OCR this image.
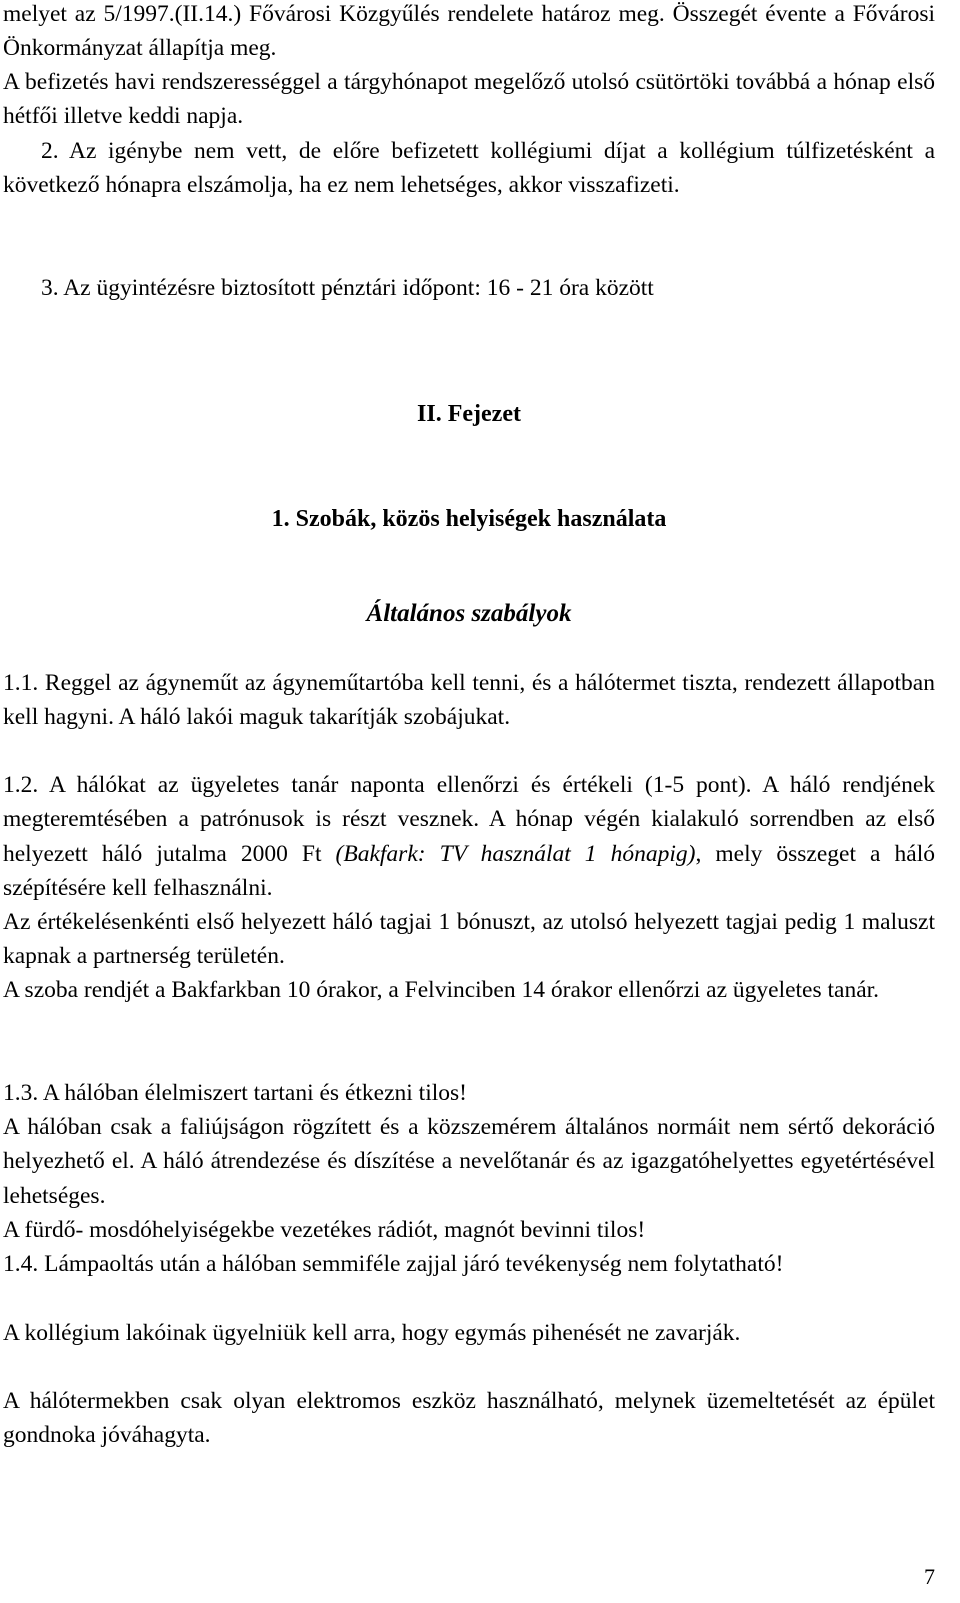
melyet az 5/1997.(II.14.) Fővárosi Közgyűlés rendelete határoz meg. Összegét évente a Fővárosi Önkormányzat állapítja meg.

A befizetés havi rendszerességgel a tárgyhónapot megelőző utolsó csütörtöki továbbá a hónap első hétfői illetve keddi napja.

2. Az igénybe nem vett, de előre befizetett kollégiumi díjat a kollégium túlfizetésként a következő hónapra elszámolja, ha ez nem lehetséges, akkor visszafizeti.

3. Az ügyintézésre biztosított pénztári időpont: 16 - 21 óra között

II. Fejezet

1. Szobák, közös helyiségek használata

Általános szabályok

1.1. Reggel az ágyneműt az ágyneműtartóba kell tenni, és a hálótermet tiszta, rendezett állapotban kell hagyni. A háló lakói maguk takarítják szobájukat.

1.2. A hálókat az ügyeletes tanár naponta ellenőrzi és értékeli (1-5 pont). A háló rendjének megteremtésében a patrónusok is részt vesznek. A hónap végén kialakuló sorrendben az első helyezett háló jutalma 2000 Ft (Bakfark: TV használat 1 hónapig), mely összeget a háló szépítésére kell felhasználni.

Az értékelésenkénti első helyezett háló tagjai 1 bónuszt, az utolsó helyezett tagjai pedig 1 maluszt kapnak a partnerség területén.

A szoba rendjét a Bakfarkban 10 órakor, a Felvinciben 14 órakor ellenőrzi az ügyeletes tanár.

1.3. A hálóban élelmiszert tartani és étkezni tilos!

A hálóban csak a faliújságon rögzített és a közszemérem általános normáit nem sértő dekoráció helyezhető el. A háló átrendezése és díszítése a nevelőtanár és az igazgatóhelyettes egyetértésével lehetséges.

A fürdő- mosdóhelyiségekbe vezetékes rádiót, magnót bevinni tilos!

1.4. Lámpaoltás után a hálóban semmiféle zajjal járó tevékenység nem folytatható!

A kollégium lakóinak ügyelniük kell arra, hogy egymás pihenését ne zavarják.

A hálótermekben csak olyan elektromos eszköz használható, melynek üzemeltetését az épület gondnoka jóváhagyta.

7
